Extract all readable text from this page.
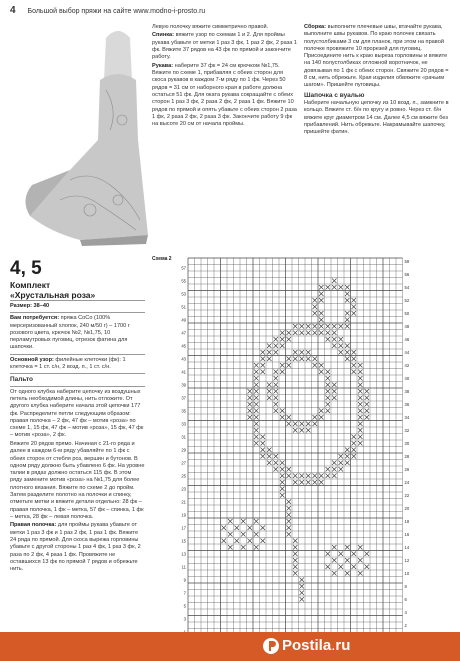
4 Большой выбор пряжи на сайте www.modno-i-prosto.ru
4, 5
Комплект
«Хрустальная роза»

Размер: 38–40

Вам потребуется: пряжа CoCo (100% мерсеризованный хлопок, 240 м/50 г) – 1700 г розового цвета, крючок №2, №1,75, 10 перламутровых пуговиц, отрезок фатина для шапочки.

Основной узор: филейные клеточки (фк): 1 клеточка = 1 ст. с/н, 2 возд. п., 1 ст. с/н.

Пальто

От одного клубка наберите цепочку из воздушных петель необходимой длины, нить отложите. От другого клубка наберите начала этой цепочки 177 фк. Распределите петли следующим образом: правая полочка – 2 фк, 47 фк – мотив «роза» по схеме 1, 15 фк, 47 фк – мотив «роза», 15 фк, 47 фк – мотив «роза», 2 фк.

Вяжите 20 рядов прямо. Начиная с 21-го ряда и далее в каждом 6-м ряду убавляйте по 1 фк с обеих сторон от стебля роз, вершин и бутонов. В одном ряду должно быть убавлено 6 фк. На уровне талии в рядах должно остаться 115 фк. В этом ряду замените мотив «роза» на №1,75 для более плотного вязания. Вяжите по схеме 2 до пройм. Затем разделите полотно на полочки и спинку, отметьте метки и вяжите детали отдельно: 28 фк – правая полочка, 1 фк – метка, 57 фк – спинка, 1 фк – метка, 28 фк – левая полочка.

Правая полочка: для проймы рукава убавьте от метки 1 раз 3 фк и 1 раз 2 фк, 1 раз 1 фк. Вяжите 24 ряда по прямой. Для скоса вырежа горловины убавьте с другой стороны 1 раз 4 фк, 1 раз 3 фк, 2 раза по 2 фк, 4 раза 1 фк. Провяжите не оставшихся 13 фк по прямой 7 рядов и обрежьте нить.

Левую полочку вяжите симметрично правой.

Спинка: вяжите узор по схемам 1 и 2. Для проймы рукава убавьте от метки 1 раз 3 фк, 1 раз 2 фк, 2 раза 1 фк. Вяжите 37 рядов на 43 фк по прямой и закончите работу.

Рукава: наберите 37 фк = 24 см крючком №1,75. Вяжите по схеме 1, прибавляя с обеих сторон для скоса рукавов в каждом 7-м ряду по 1 фк. Через 50 рядов = 31 см от наборного края в работе должна остаться 51 фк. Для оката рукава сокращайте с обеих сторон 1 раз 3 фк, 2 раза 2 фк, 2 раза 1 фк. Вяжите 10 рядов по прямой и опять убавьте с обеих сторон 2 раза 1 фк, 2 раза 2 фк, 2 раза 3 фк. Закончите работу 9 фк на высоте 20 см от начала проймы.

Сборка: выполните плечевые швы, втачайте рукава, выполните швы рукавов. По краю полочек связать полустолбиками 3 см для планок, при этом на правой полочке провяжите 10 прорезей для пуговиц. Присоедините нить к краю выреза горловины и вяжите на 140 полустолбиках отложной воротничок, не довязывая по 1 фк с обеих сторон. Свяжите 20 рядов = 8 см, нить обрежьте. Края изделия обвяжите «рачьим шагом». Пришейте пуговицы.

Шапочка с вуалью

Наберите начальную цепочку из 10 возд. п., замкните в кольцо. Вяжите ст. б/н по кругу и ровно. Через ст. б/н вяжите круг диаметром 14 см. Далее 4,5 см вяжите без прибавлений. Нить обрежьте. Накрамывайте шапочку, пришейте фатин.

Схема 2
3
5
7
9
11
13
15
17
19
21
23
25
27
29
31
33
35
37
39
41
43
45
47
49
51
53
55
57
2
4
6
8
10
12
14
16
18
20
22
24
26
28
30
32
34
36
38
40
42
44
46
48
50
52
54
56
58
Postila.ru
